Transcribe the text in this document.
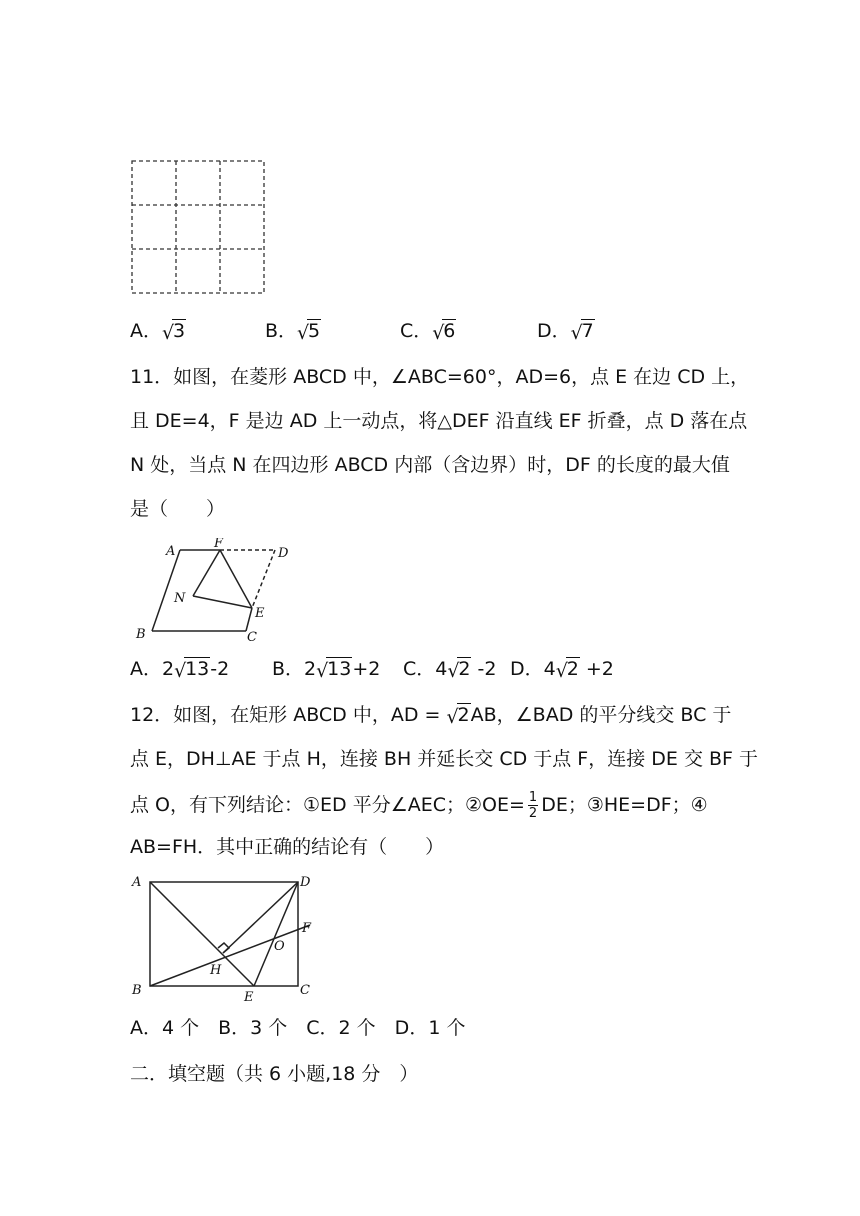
A． √
3	B． √
5	C． √
6	D． √
7
11．如图，在菱形 ABCD 中，∠ABC=60°，AD=6，点 E 在边 CD 上，
且 DE=4，F 是边 AD 上一动点，将△DEF 沿直线 EF 折叠，点 D 落在点
N 处，当点 N 在四边形 ABCD 内部（含边界）时，DF 的长度的最大值
是（　　）
A
F
D
N
E
B	C
A．2 √
13-2 B．2 √
13+2 C．4 √
2 -2 D．4 √
2 +2
12．如图，在矩形 ABCD 中，AD = √
2AB，∠BAD 的平分线交 BC 于
点 E，DH⊥AE 于点 H，连接 BH 并延长交 CD 于点 F，连接 DE 交 BF 于
点 O，有下列结论：①ED 平分∠AEC；②OE= $\frac{1}{2}$ DE；③HE=DF；④
AB=FH．其中正确的结论有（　　）
A	D
F
O
H
B	E	C
A．4 个　B．3 个　C．2 个　D．1 个
二．填空题（共 6 小题,18 分　）
